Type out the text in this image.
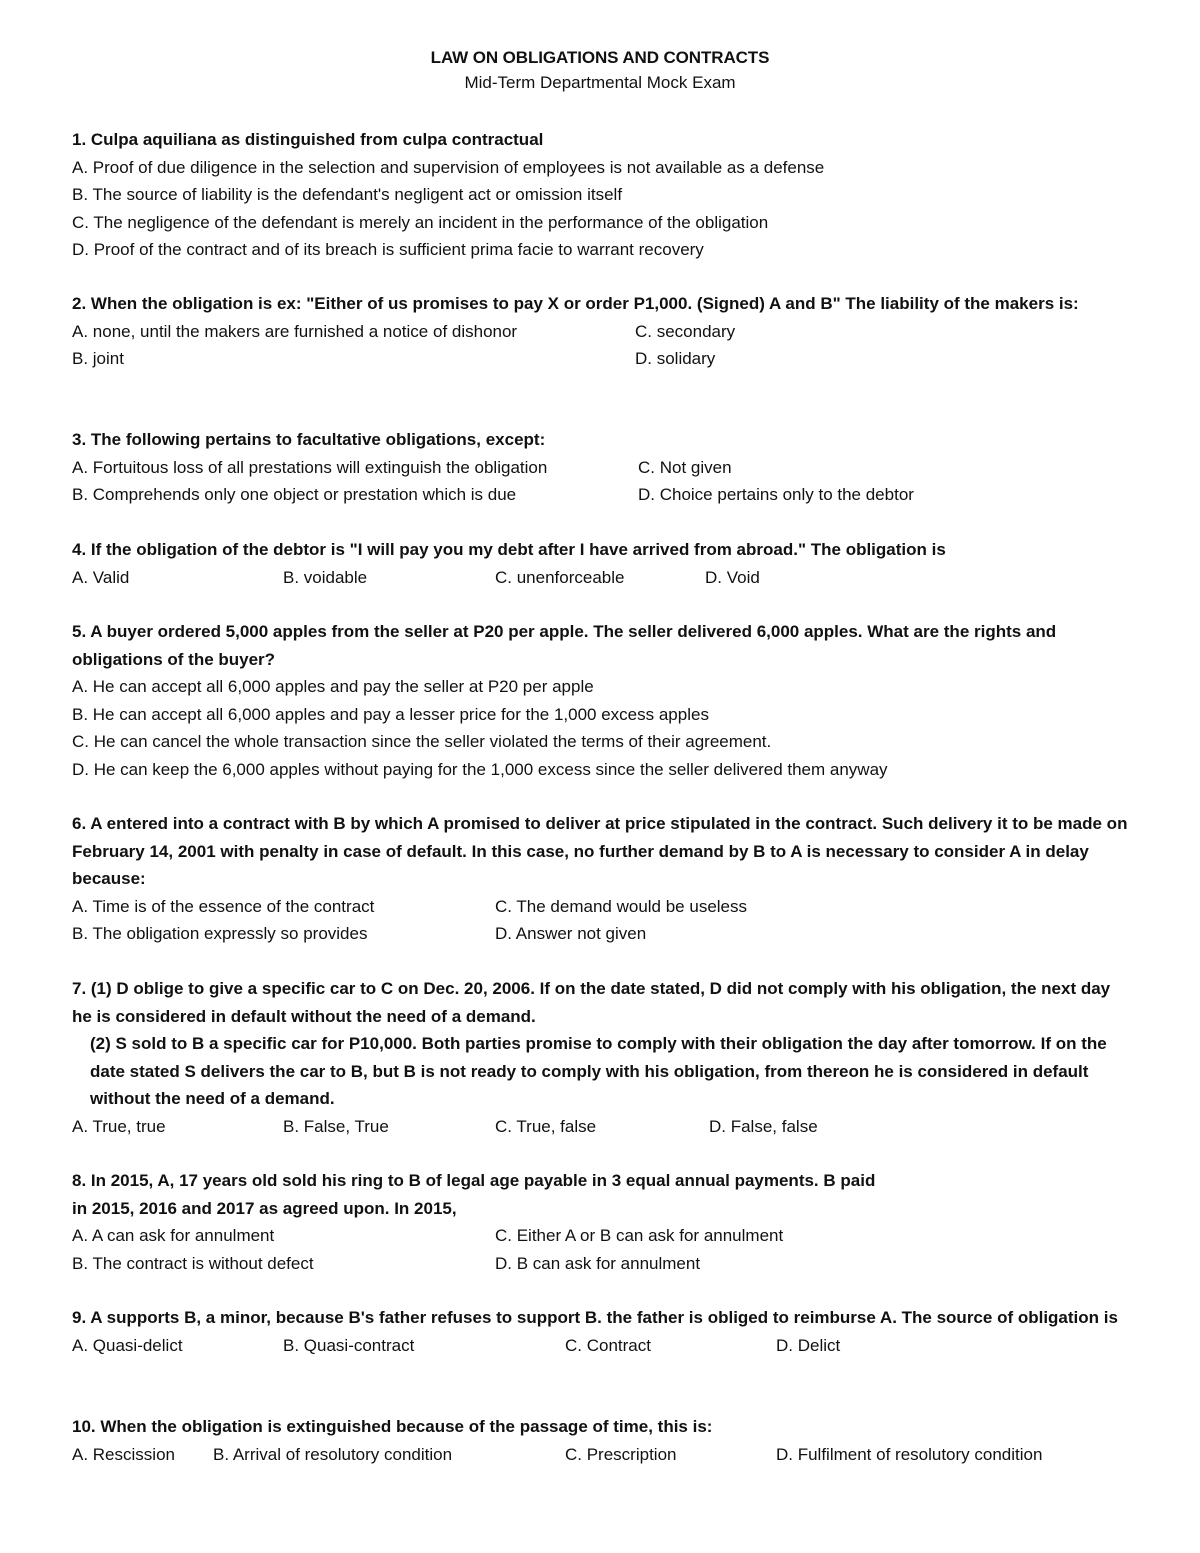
LAW ON OBLIGATIONS AND CONTRACTS
Mid-Term Departmental Mock Exam
1. Culpa aquiliana as distinguished from culpa contractual
A. Proof of due diligence in the selection and supervision of employees is not available as a defense
B. The source of liability is the defendant's negligent act or omission itself
C. The negligence of the defendant is merely an incident in the performance of the obligation
D. Proof of the contract and of its breach is sufficient prima facie to warrant recovery
2. When the obligation is ex: "Either of us promises to pay X or order P1,000. (Signed) A and B" The liability of the makers is:
A. none, until the makers are furnished a notice of dishonor	C. secondary
B. joint	D. solidary
3. The following pertains to facultative obligations, except:
A. Fortuitous loss of all prestations will extinguish the obligation	C. Not given
B. Comprehends only one object or prestation which is due	D. Choice pertains only to the debtor
4. If the obligation of the debtor is "I will pay you my debt after I have arrived from abroad." The obligation is
A. Valid	B. voidable	C. unenforceable	D. Void
5. A buyer ordered 5,000 apples from the seller at P20 per apple. The seller delivered 6,000 apples. What are the rights and obligations of the buyer?
A. He can accept all 6,000 apples and pay the seller at P20 per apple
B. He can accept all 6,000 apples and pay a lesser price for the 1,000 excess apples
C. He can cancel the whole transaction since the seller violated the terms of their agreement.
D. He can keep the 6,000 apples without paying for the 1,000 excess since the seller delivered them anyway
6. A entered into a contract with B by which A promised to deliver at price stipulated in the contract. Such delivery it to be made on February 14, 2001 with penalty in case of default. In this case, no further demand by B to A is necessary to consider A in delay because:
A. Time is of the essence of the contract	C. The demand would be useless
B. The obligation expressly so provides	D. Answer not given
7. (1) D oblige to give a specific car to C on Dec. 20, 2006. If on the date stated, D did not comply with his obligation, the next day he is considered in default without the need of a demand.
(2) S sold to B a specific car for P10,000. Both parties promise to comply with their obligation the day after tomorrow. If on the date stated S delivers the car to B, but B is not ready to comply with his obligation, from thereon he is considered in default without the need of a demand.
A. True, true	B. False, True	C. True, false	D. False, false
8. In 2015, A, 17 years old sold his ring to B of legal age payable in 3 equal annual payments. B paid
in 2015, 2016 and 2017 as agreed upon. In 2015,
A. A can ask for annulment	C. Either A or B can ask for annulment
B. The contract is without defect	D. B can ask for annulment
9. A supports B, a minor, because B's father refuses to support B. the father is obliged to reimburse A. The source of obligation is
A. Quasi-delict	B. Quasi-contract	C. Contract	D. Delict
10. When the obligation is extinguished because of the passage of time, this is:
A. Rescission B. Arrival of resolutory condition	C. Prescription	D. Fulfilment of resolutory condition
